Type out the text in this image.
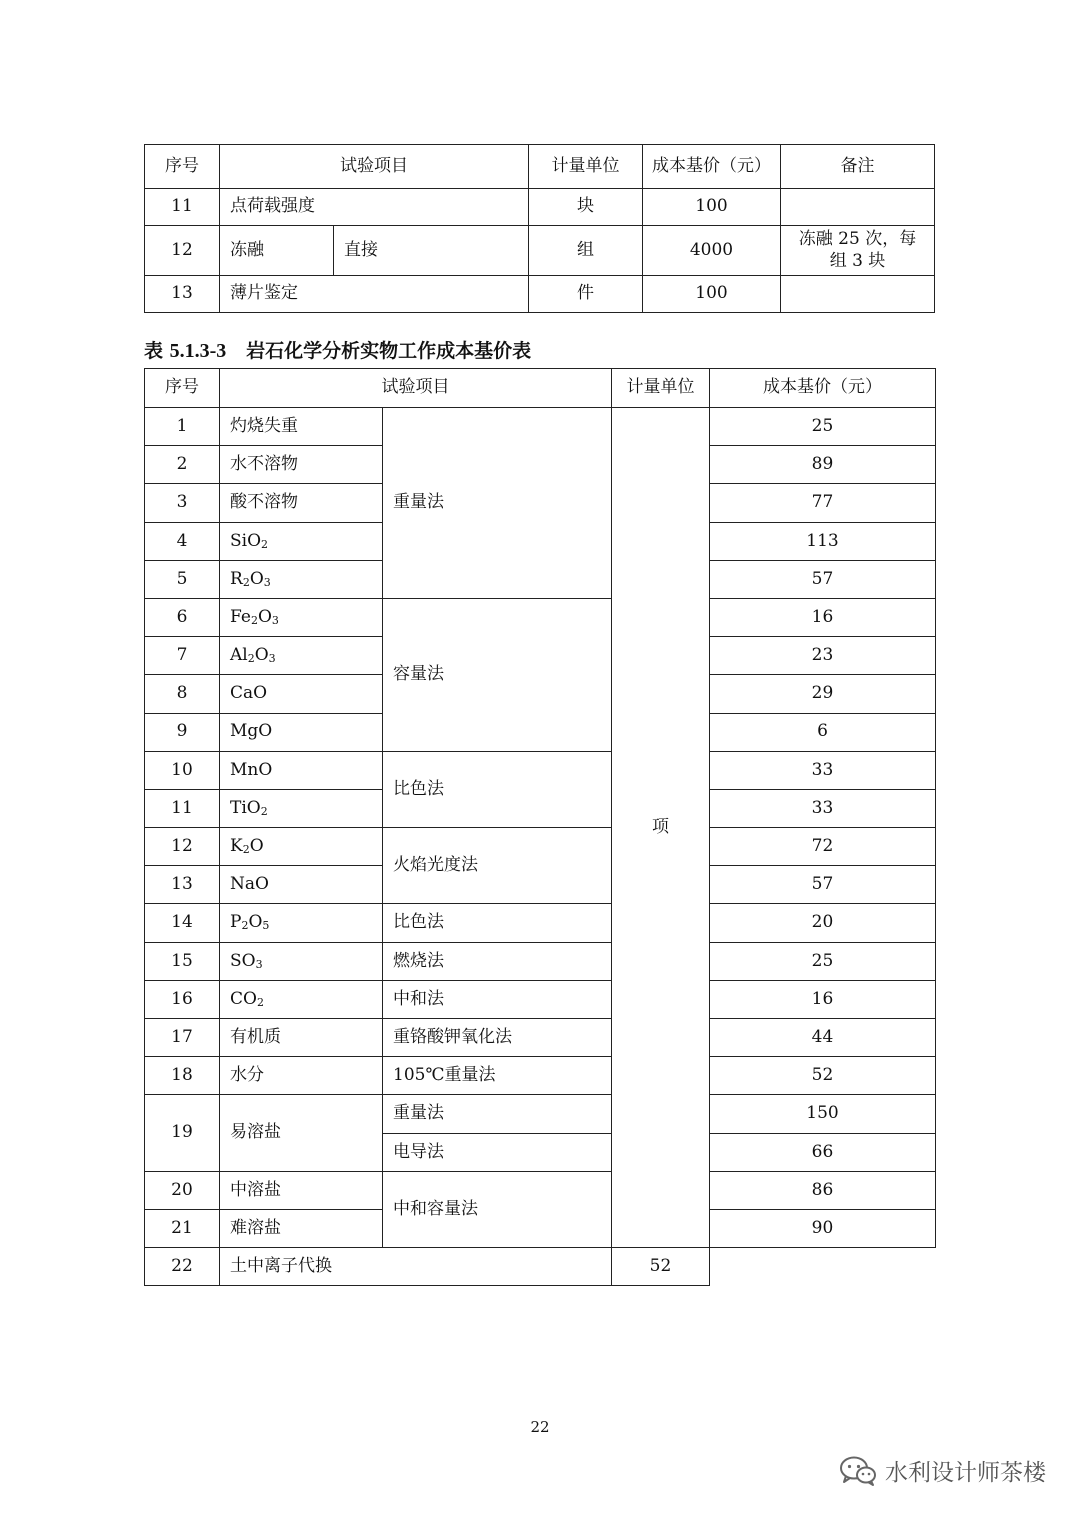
序号	试验项目		计量单位	成本基价（元）	备注
11	点荷载强度		块	100	
12	冻融	直接	组	4000	冻融 25 次，每
组 3 块

13	薄片鉴定		件	100	
表 5.1.3-3 岩石化学分析实物工作成本基价表
序号	试验项目		计量单位	成本基价（元）
1	灼烧失重	重量法	项	25
2	水不溶物			89
3	酸不溶物			77
4	SiO$_2$			113
5	$R_2O_3$			57
6	$Fe_2O_3$	容量法		16
7	$Al_2O_3$			23
8	CaO			29
9	MgO			6
10	MnO	比色法		33
11	TiO$_2$			33
12	$K_2O$	火焰光度法		72
13	NaO			57
14	$P_2O_5$	比色法		20
15	$SO_3$	燃烧法		25
16	$CO_2$	中和法		16
17	有机质	重铬酸钾氧化法		44
18	水分	105℃重量法		52
19	易溶盐	重量法		150
		电导法		66
20	中溶盐	中和容量法		86
21	难溶盐			90
22	土中离子代换		52	
22
水利设计师茶楼
